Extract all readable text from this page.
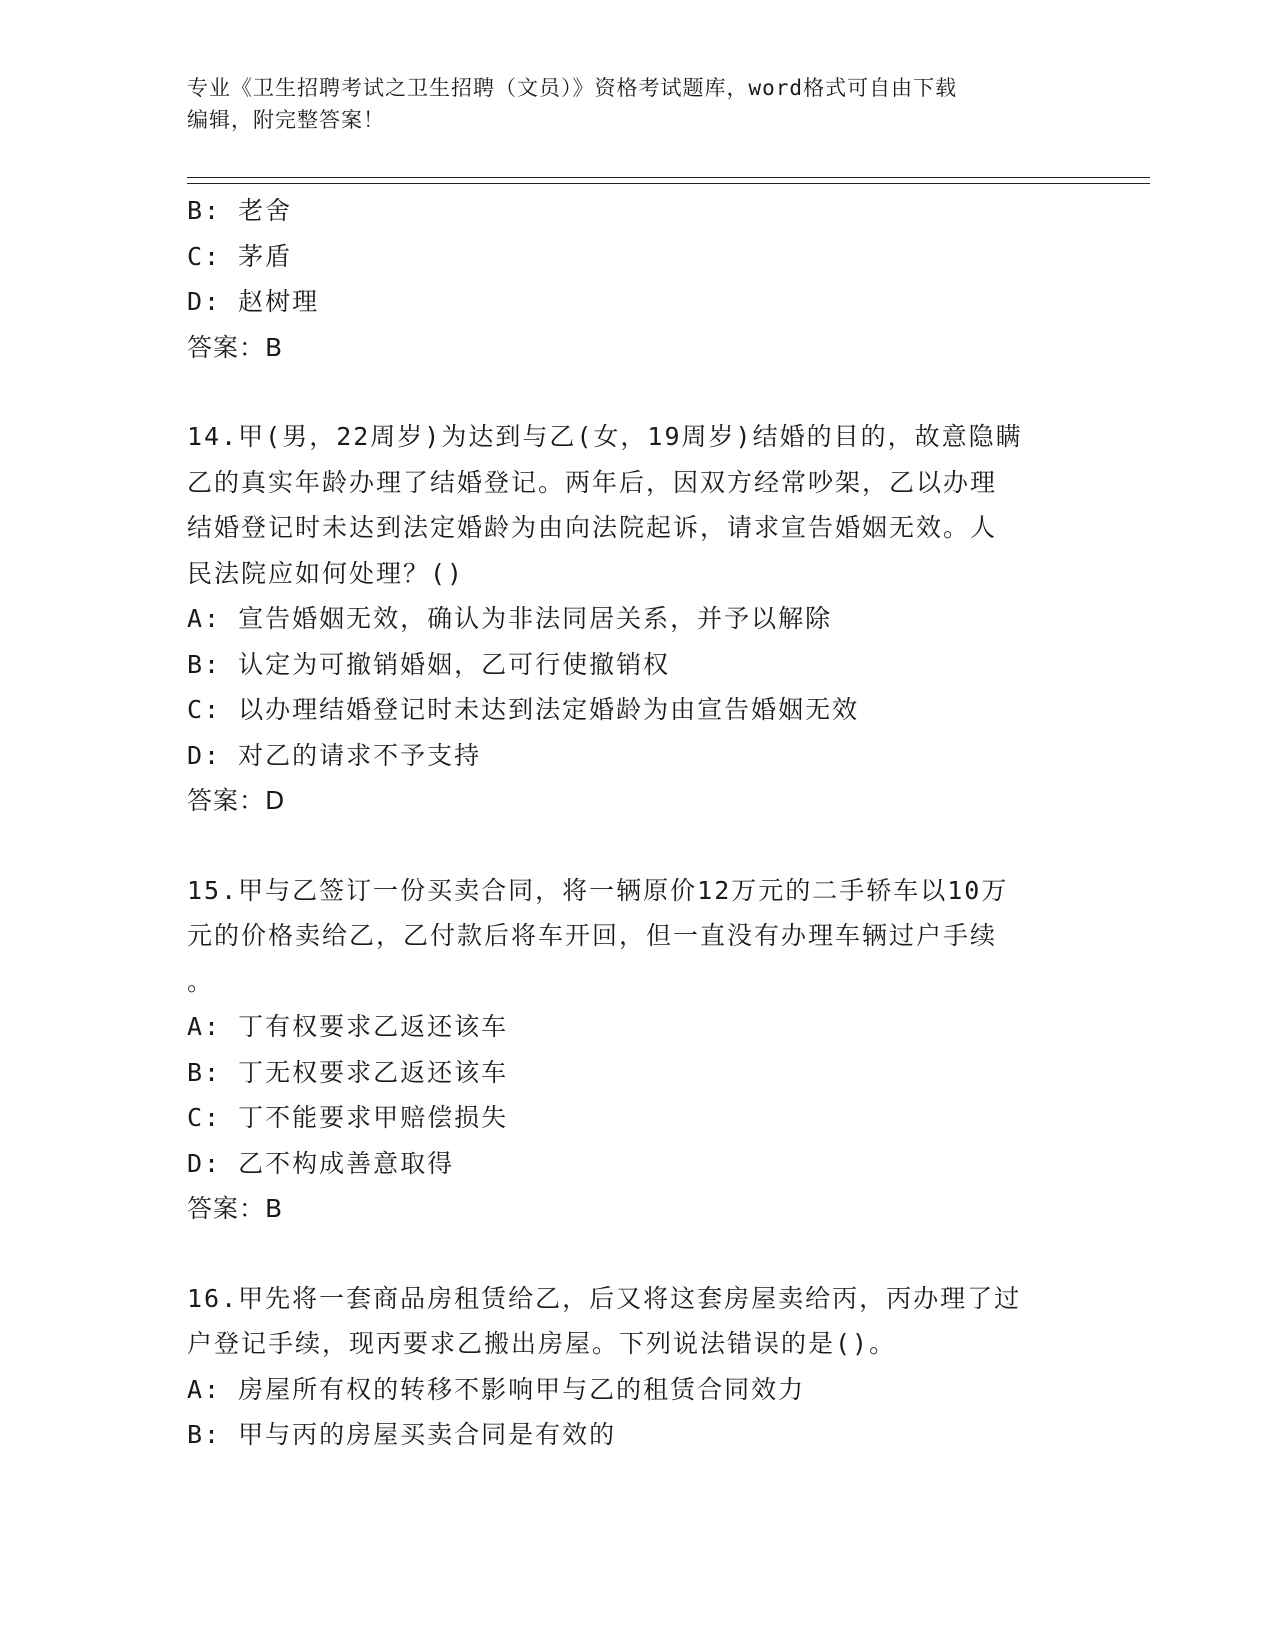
专业《卫生招聘考试之卫生招聘（文员）》资格考试题库，word格式可自由下载
编辑，附完整答案！
B: 老舍
C: 茅盾
D: 赵树理
答案：B
14.甲(男，22周岁)为达到与乙(女，19周岁)结婚的目的，故意隐瞒
乙的真实年龄办理了结婚登记。两年后，因双方经常吵架，乙以办理
结婚登记时未达到法定婚龄为由向法院起诉，请求宣告婚姻无效。人
民法院应如何处理？()
A: 宣告婚姻无效，确认为非法同居关系，并予以解除
B: 认定为可撤销婚姻，乙可行使撤销权
C: 以办理结婚登记时未达到法定婚龄为由宣告婚姻无效
D: 对乙的请求不予支持
答案：D
15.甲与乙签订一份买卖合同，将一辆原价12万元的二手轿车以10万
元的价格卖给乙，乙付款后将车开回，但一直没有办理车辆过户手续
。
A: 丁有权要求乙返还该车
B: 丁无权要求乙返还该车
C: 丁不能要求甲赔偿损失
D: 乙不构成善意取得
答案：B
16.甲先将一套商品房租赁给乙，后又将这套房屋卖给丙，丙办理了过
户登记手续，现丙要求乙搬出房屋。下列说法错误的是()。
A: 房屋所有权的转移不影响甲与乙的租赁合同效力
B: 甲与丙的房屋买卖合同是有效的
